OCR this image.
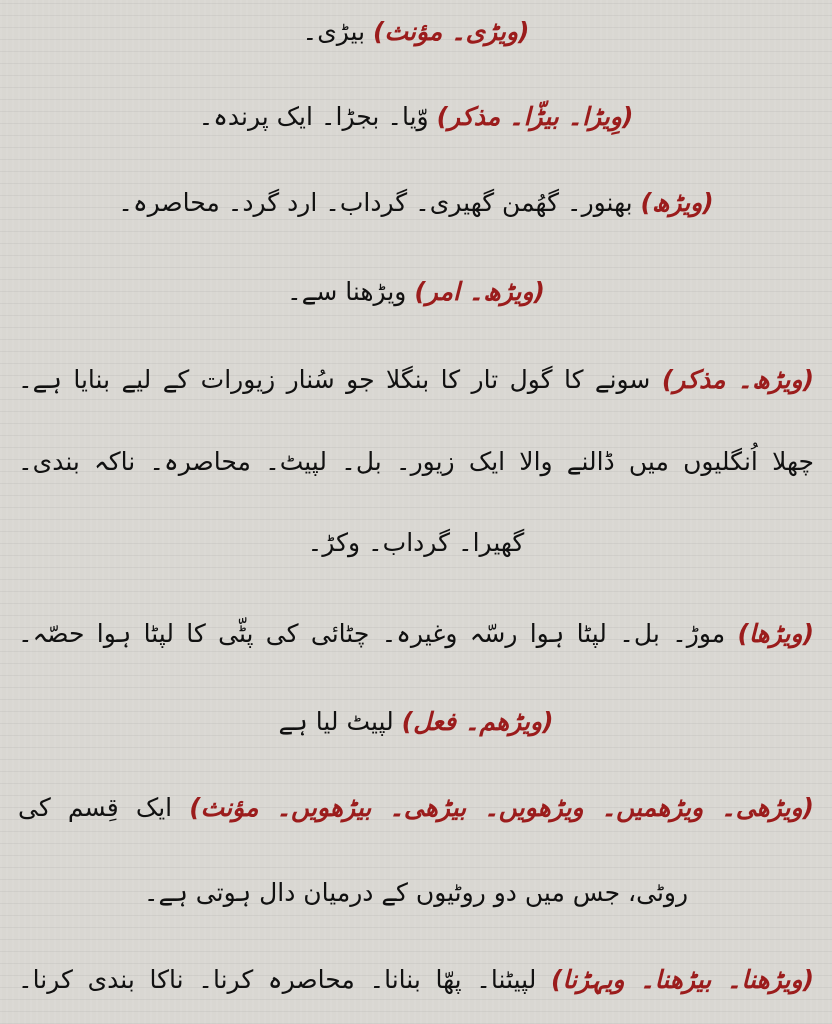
(ویڑی۔ مؤنث) بیڑی۔
(وِیڑا۔ بیڑّا۔ مذکر) وّیا۔ بجڑا۔ ایک پرندہ۔
(ویڑھ) بھنور۔ گھُمن گھیری۔ گرداب۔ ارد گرد۔ محاصرہ۔
(ویڑھ۔ امر) ویڑھنا سے۔
(ویڑھ۔ مذکر) سونے کا گول تار کا بنگلا جو سُنار زیورات کے لیے بنایا ہے۔
چھلا اُنگلیوں میں ڈالنے والا ایک زیور۔ بل۔ لپیٹ۔ محاصرہ۔ ناکہ بندی۔
گھیرا۔ گرداب۔ وکڑ۔
(ویڑھا) موڑ۔ بل۔ لپٹا ہوا رسّہ وغیرہ۔ چٹائی کی پٹّی کا لپٹا ہوا حصّہ۔
(ویڑھم۔ فعل) لپیٹ لیا ہے
(ویڑھی۔ ویڑھمیں۔ ویڑھویں۔ بیڑھی۔ بیڑھویں۔ مؤنث) ایک قِسم کی
روٹی، جس میں دو روٹیوں کے درمیان دال ہوتی ہے۔
(ویڑھنا۔ بیڑھنا۔ ویہڑنا) لپیٹنا۔ پھّا بنانا۔ محاصرہ کرنا۔ ناکا بندی کرنا۔
